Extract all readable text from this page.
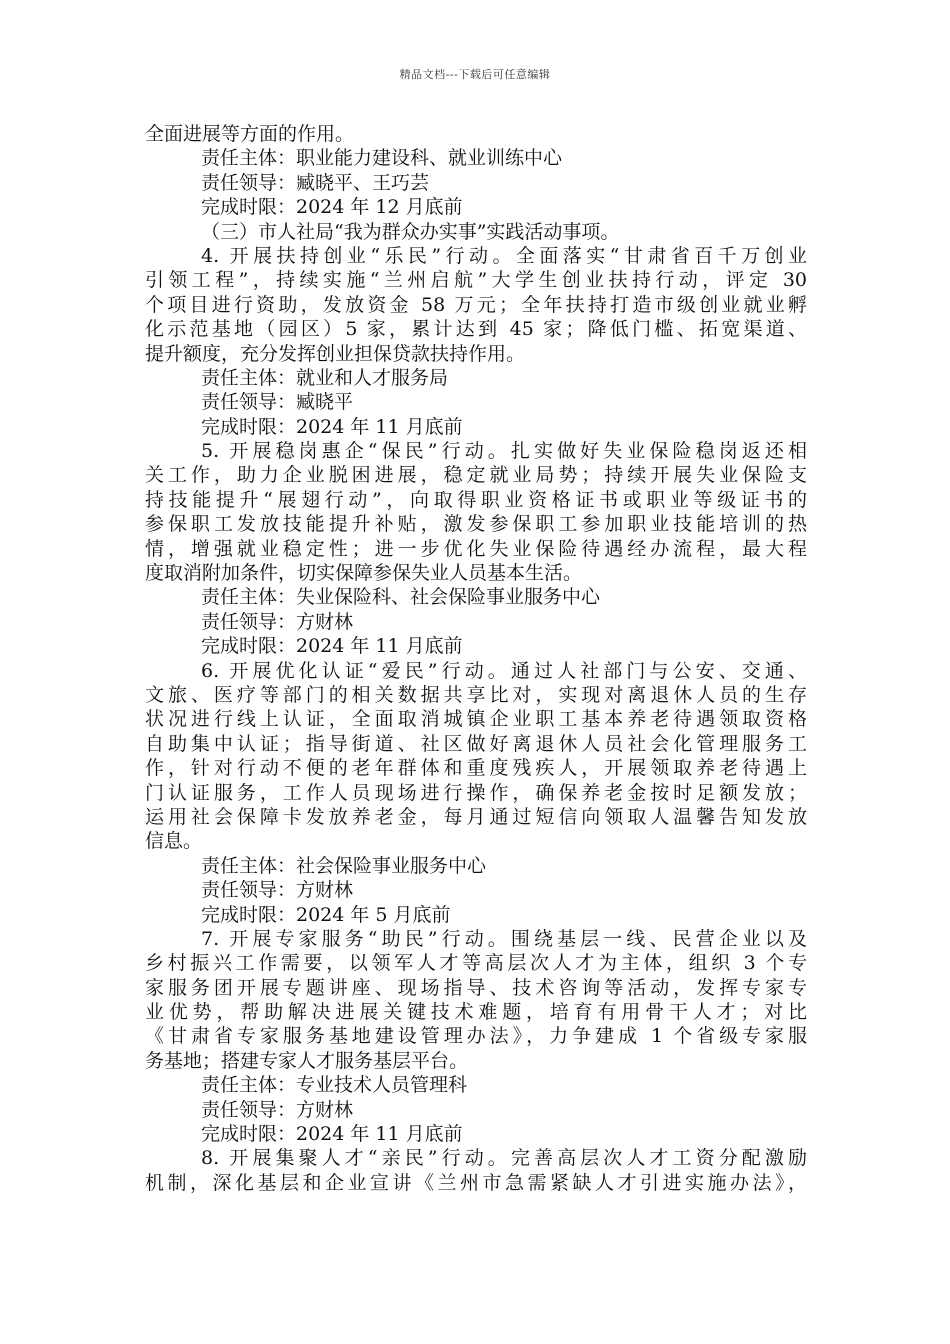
精品文档---下载后可任意编辑
全面进展等方面的作用。
责任主体：职业能力建设科、就业训练中心
责任领导：臧晓平、王巧芸
完成时限：2024 年 12 月底前
（三）市人社局“我为群众办实事”实践活动事项。
4. 开展扶持创业“乐民”行动。全面落实“甘肃省百千万创业
引领工程”，持续实施“兰州启航”大学生创业扶持行动，评定 30
个项目进行资助，发放资金 58 万元；全年扶持打造市级创业就业孵
化示范基地（园区）5 家，累计达到 45 家；降低门槛、拓宽渠道、
提升额度，充分发挥创业担保贷款扶持作用。
责任主体：就业和人才服务局
责任领导：臧晓平
完成时限：2024 年 11 月底前
5. 开展稳岗惠企“保民”行动。扎实做好失业保险稳岗返还相
关工作，助力企业脱困进展，稳定就业局势；持续开展失业保险支
持技能提升“展翅行动”，向取得职业资格证书或职业等级证书的
参保职工发放技能提升补贴，激发参保职工参加职业技能培训的热
情，增强就业稳定性；进一步优化失业保险待遇经办流程，最大程
度取消附加条件，切实保障参保失业人员基本生活。
责任主体：失业保险科、社会保险事业服务中心
责任领导：方财林
完成时限：2024 年 11 月底前
6. 开展优化认证“爱民”行动。通过人社部门与公安、交通、
文旅、医疗等部门的相关数据共享比对，实现对离退休人员的生存
状况进行线上认证，全面取消城镇企业职工基本养老待遇领取资格
自助集中认证；指导街道、社区做好离退休人员社会化管理服务工
作，针对行动不便的老年群体和重度残疾人，开展领取养老待遇上
门认证服务，工作人员现场进行操作，确保养老金按时足额发放；
运用社会保障卡发放养老金，每月通过短信向领取人温馨告知发放
信息。
责任主体：社会保险事业服务中心
责任领导：方财林
完成时限：2024 年 5 月底前
7. 开展专家服务“助民”行动。围绕基层一线、民营企业以及
乡村振兴工作需要，以领军人才等高层次人才为主体，组织 3 个专
家服务团开展专题讲座、现场指导、技术咨询等活动，发挥专家专
业优势，帮助解决进展关键技术难题，培育有用骨干人才；对比
《甘肃省专家服务基地建设管理办法》，力争建成 1 个省级专家服
务基地；搭建专家人才服务基层平台。
责任主体：专业技术人员管理科
责任领导：方财林
完成时限：2024 年 11 月底前
8. 开展集聚人才“亲民”行动。完善高层次人才工资分配激励
机制，深化基层和企业宣讲《兰州市急需紧缺人才引进实施办法》，
